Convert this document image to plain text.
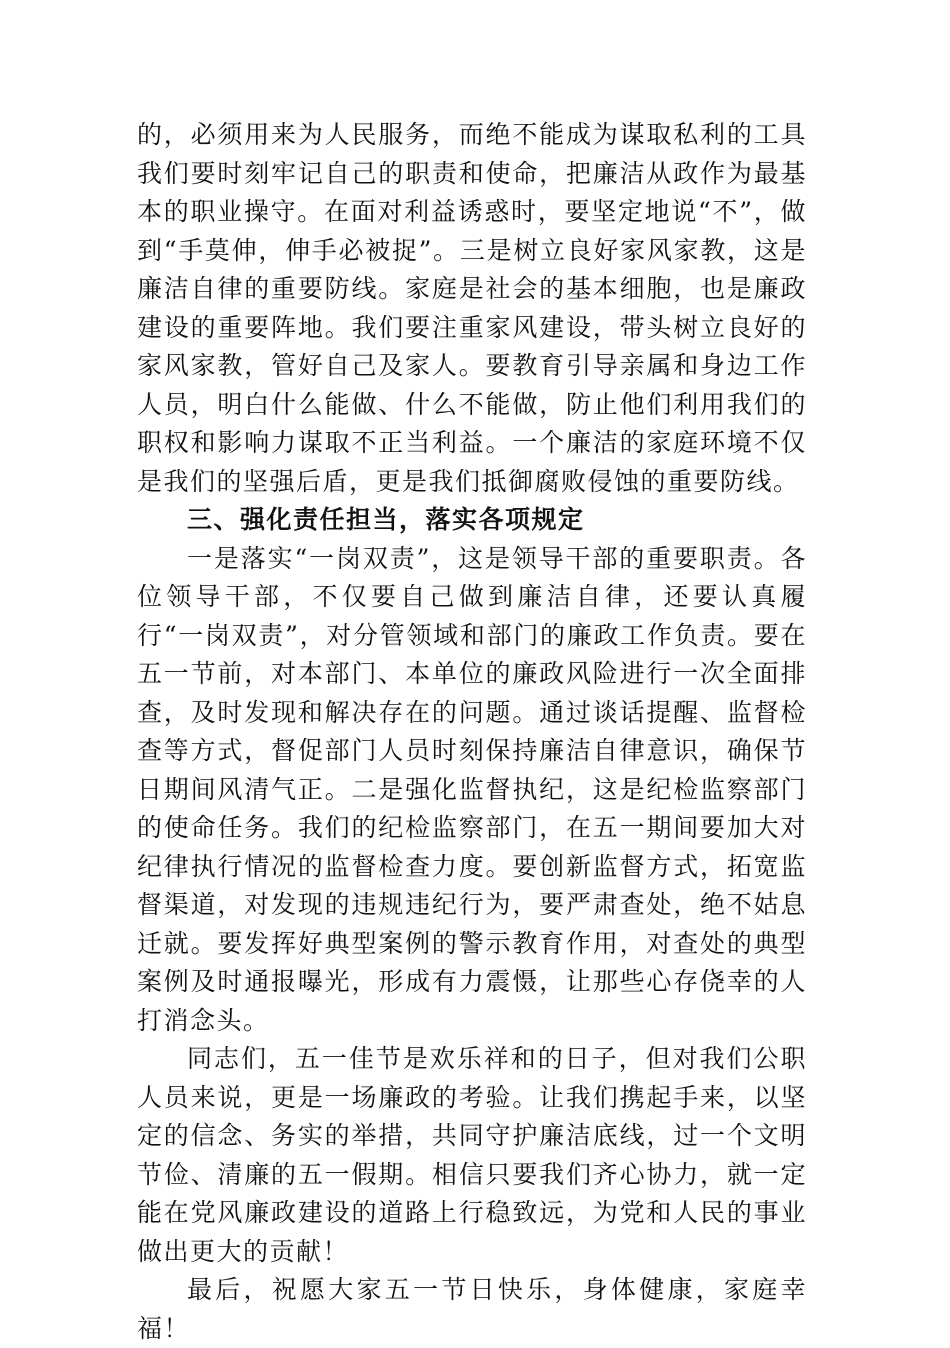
的，必须用来为人民服务，而绝不能成为谋取私利的工具我们要时刻牢记自己的职责和使命，把廉洁从政作为最基本的职业操守。在面对利益诱惑时，要坚定地说“不”，做到“手莫伸，伸手必被捉”。三是树立良好家风家教，这是廉洁自律的重要防线。家庭是社会的基本细胞，也是廉政建设的重要阵地。我们要注重家风建设，带头树立良好的家风家教，管好自己及家人。要教育引导亲属和身边工作人员，明白什么能做、什么不能做，防止他们利用我们的职权和影响力谋取不正当利益。一个廉洁的家庭环境不仅是我们的坚强后盾，更是我们抵御腐败侵蚀的重要防线。

三、强化责任担当，落实各项规定

一是落实“一岗双责”，这是领导干部的重要职责。各位领导干部，不仅要自己做到廉洁自律，还要认真履行“一岗双责”，对分管领域和部门的廉政工作负责。要在五一节前，对本部门、本单位的廉政风险进行一次全面排查，及时发现和解决存在的问题。通过谈话提醒、监督检查等方式，督促部门人员时刻保持廉洁自律意识，确保节日期间风清气正。二是强化监督执纪，这是纪检监察部门的使命任务。我们的纪检监察部门，在五一期间要加大对纪律执行情况的监督检查力度。要创新监督方式，拓宽监督渠道，对发现的违规违纪行为，要严肃查处，绝不姑息迁就。要发挥好典型案例的警示教育作用，对查处的典型案例及时通报曝光，形成有力震慑，让那些心存侥幸的人打消念头。

同志们，五一佳节是欢乐祥和的日子，但对我们公职人员来说，更是一场廉政的考验。让我们携起手来，以坚定的信念、务实的举措，共同守护廉洁底线，过一个文明节俭、清廉的五一假期。相信只要我们齐心协力，就一定能在党风廉政建设的道路上行稳致远，为党和人民的事业做出更大的贡献！

最后，祝愿大家五一节日快乐，身体健康，家庭幸福！
